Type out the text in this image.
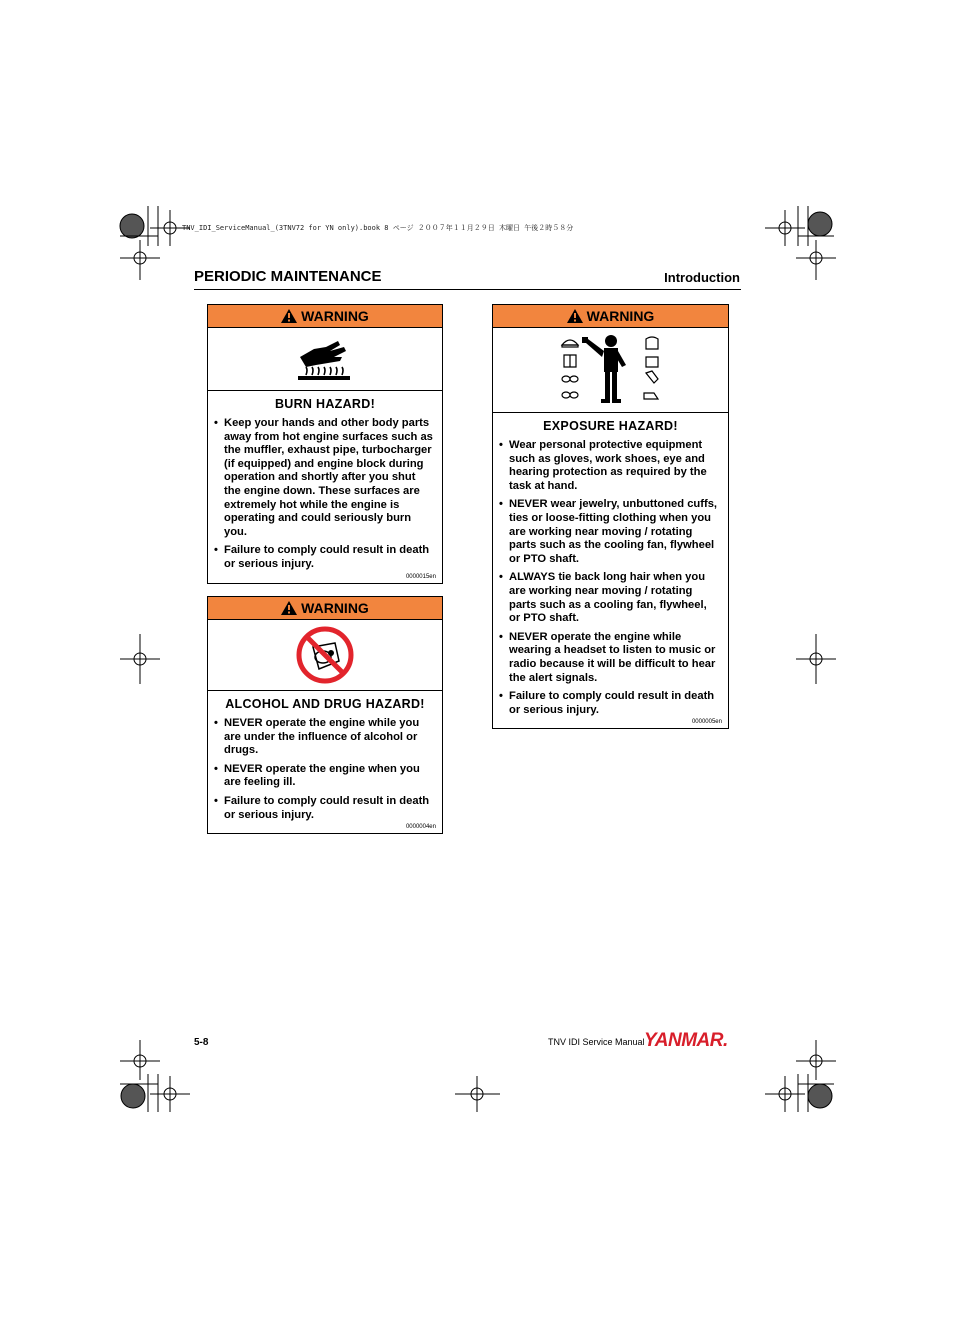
TNV_IDI_ServiceManual_(3TNV72 for YN only).book 8 ページ ２００７年１１月２９日 木曜日 午後２時５８分
PERIODIC MAINTENANCE	Introduction
WARNING
BURN HAZARD!
• Keep your hands and other body parts away from hot engine surfaces such as the muffler, exhaust pipe, turbocharger (if equipped) and engine block during operation and shortly after you shut the engine down. These surfaces are extremely hot while the engine is operating and could seriously burn you.
• Failure to comply could result in death or serious injury.
0000015en
WARNING
ALCOHOL AND DRUG HAZARD!
• NEVER operate the engine while you are under the influence of alcohol or drugs.
• NEVER operate the engine when you are feeling ill.
• Failure to comply could result in death or serious injury.
0000004en
WARNING
EXPOSURE HAZARD!
• Wear personal protective equipment such as gloves, work shoes, eye and hearing protection as required by the task at hand.
• NEVER wear jewelry, unbuttoned cuffs, ties or loose-fitting clothing when you are working near moving / rotating parts such as the cooling fan, flywheel or PTO shaft.
• ALWAYS tie back long hair when you are working near moving / rotating parts such as a cooling fan, flywheel, or PTO shaft.
• NEVER operate the engine while wearing a headset to listen to music or radio because it will be difficult to hear the alert signals.
• Failure to comply could result in death or serious injury.
0000005en
5-8	TNV IDI Service Manual YANMAR.
